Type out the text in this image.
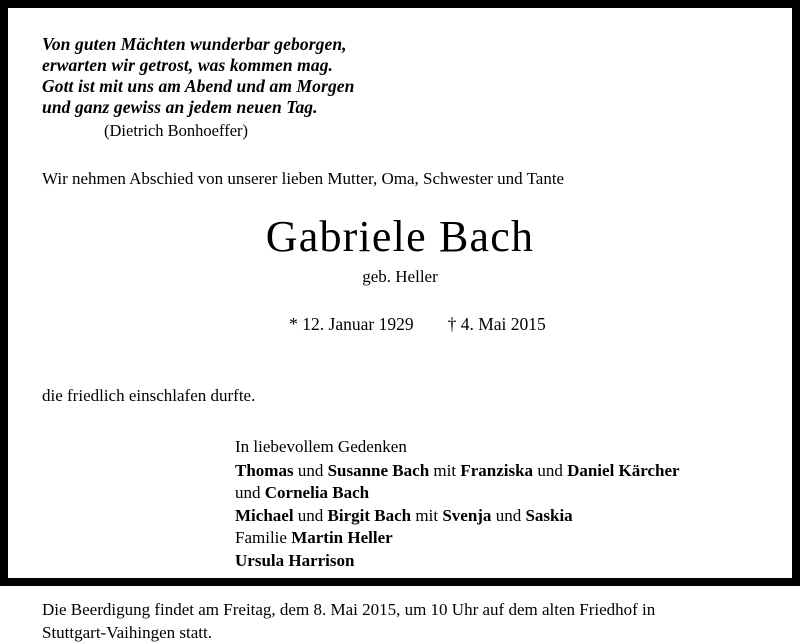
Von guten Mächten wunderbar geborgen,
erwarten wir getrost, was kommen mag.
Gott ist mit uns am Abend und am Morgen
und ganz gewiss an jedem neuen Tag.

(Dietrich Bonhoeffer)

Wir nehmen Abschied von unserer lieben Mutter, Oma, Schwester und Tante

Gabriele Bach

geb. Heller

* 12. Januar 1929 † 4. Mai 2015

die friedlich einschlafen durfte.

In liebevollem Gedenken

Thomas und Susanne Bach mit Franziska und Daniel Kärcher

und Cornelia Bach

Michael und Birgit Bach mit Svenja und Saskia

Familie Martin Heller

Ursula Harrison

Die Beerdigung findet am Freitag, dem 8. Mai 2015, um 10 Uhr auf dem alten Friedhof in
Stuttgart-Vaihingen statt.
